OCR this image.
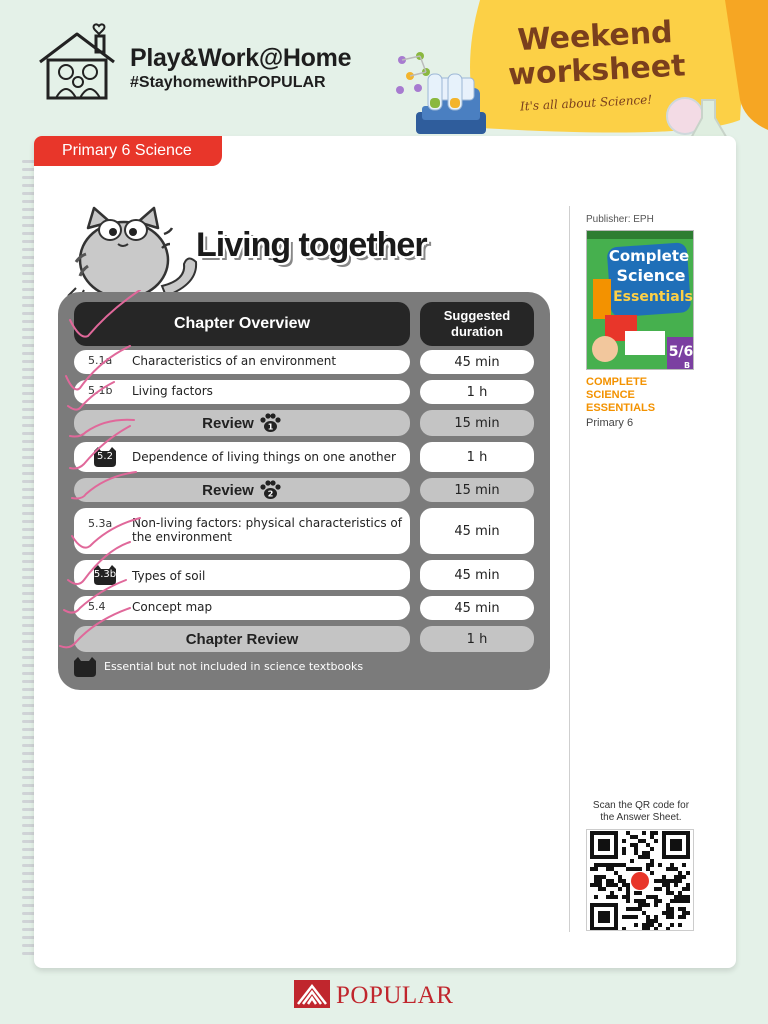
Play&Work@Home
#StayhomewithPOPULAR
Weekend
worksheet
It's all about Science!
Primary 6 Science
Living together
Chapter Overview	Suggested
duration
5.1a Characteristics of an environment	45 min
5.1b Living factors	1 h
Review 1	15 min
5.2	Dependence of living things on one another	1 h
Review 2	15 min
5.3a Non-living factors: physical characteristics of the environment	45 min
5.3b Types of soil	45 min
5.4 Concept map	45 min
Chapter Review	1 h
Essential but not included in science textbooks
Publisher: EPH
Complete
Science
Essentials
5/6
B
COMPLETE
SCIENCE
ESSENTIALS
Primary 6
Scan the QR code for
the Answer Sheet.
POPULAR
